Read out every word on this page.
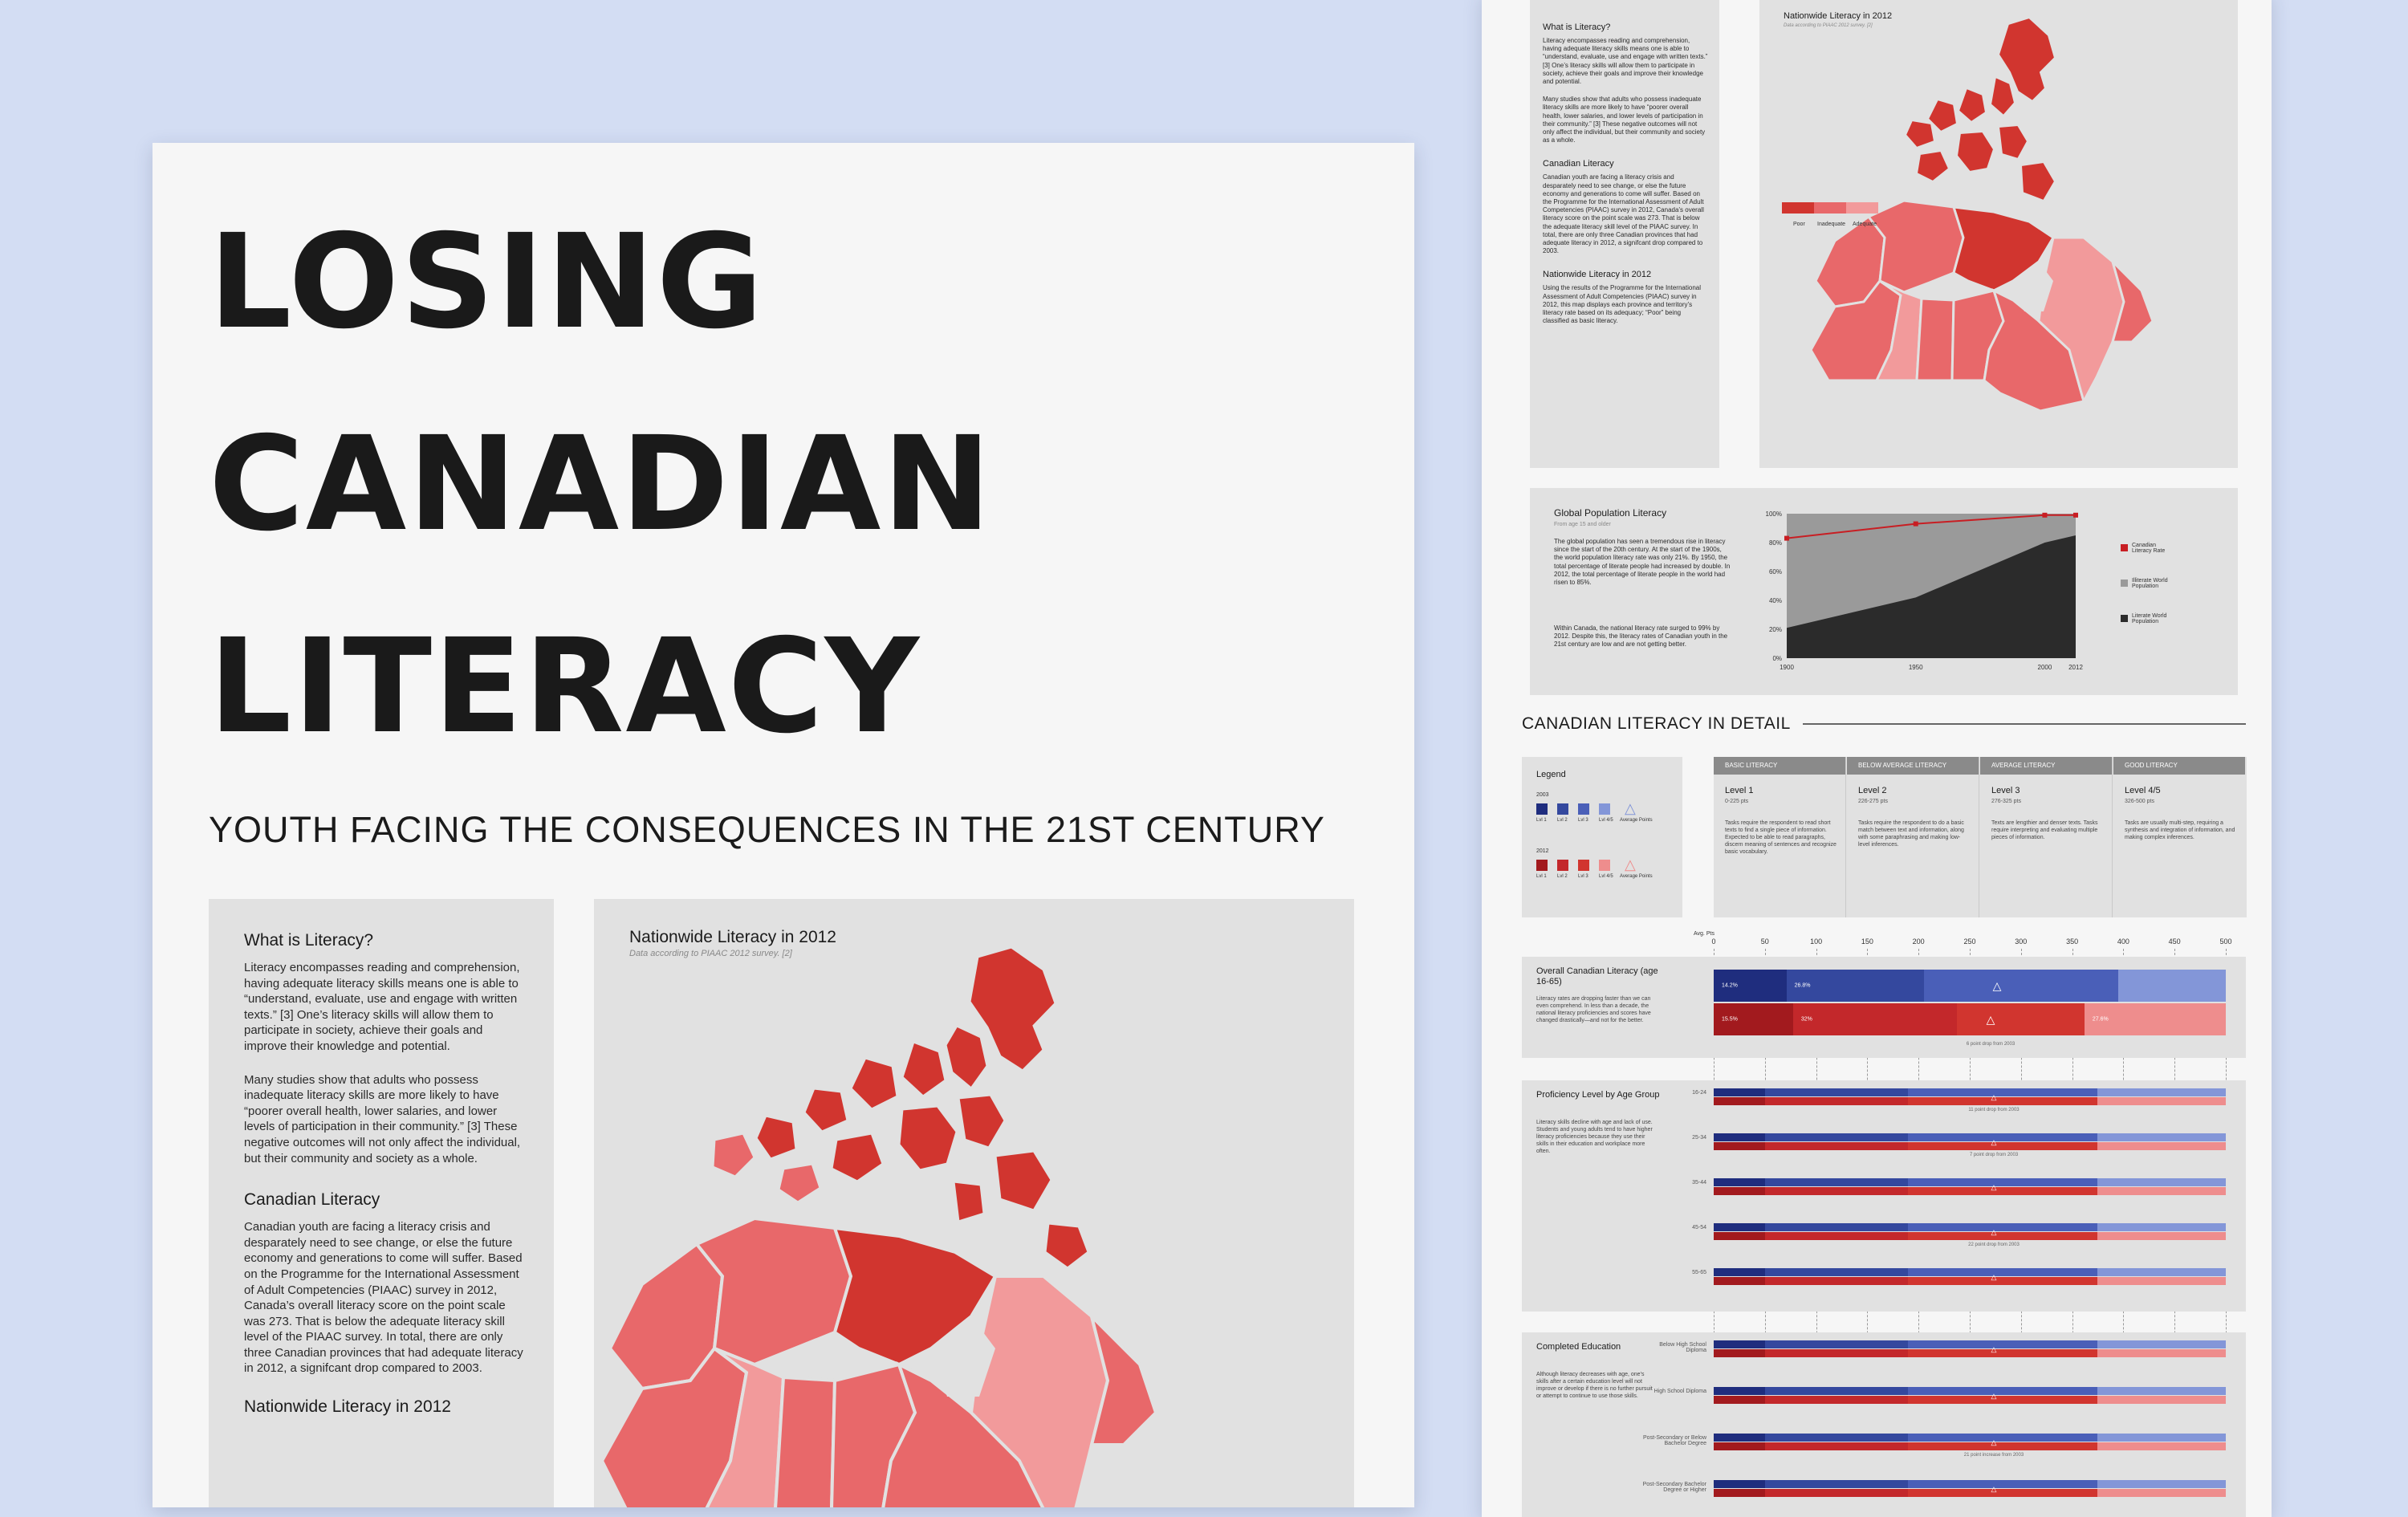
LOSING
CANADIAN
LITERACY
YOUTH FACING THE CONSEQUENCES IN THE 21ST CENTURY
What is Literacy?

Literacy encompasses reading and comprehension, having adequate literacy skills means one is able to “understand, evaluate, use and engage with written texts.” [3] One’s literacy skills will allow them to participate in society, achieve their goals and improve their knowledge and potential.

Many studies show that adults who possess inadequate literacy skills are more likely to have “poorer overall health, lower salaries, and lower levels of participation in their community.” [3] These negative outcomes will not only affect the individual, but their community and society as a whole.

Canadian Literacy

Canadian youth are facing a literacy crisis and desparately need to see change, or else the future economy and generations to come will suffer. Based on the Programme for the International Assessment of Adult Competencies (PIAAC) survey in 2012, Canada’s overall literacy score on the point scale was 273. That is below the adequate literacy skill level of the PIAAC survey. In total, there are only three Canadian provinces that had adequate literacy in 2012, a signifcant drop compared to 2003.

Nationwide Literacy in 2012
Nationwide Literacy in 2012
Data according to PIAAC 2012 survey. [2]
What is Literacy?

Literacy encompasses reading and comprehension, having adequate literacy skills means one is able to “understand, evaluate, use and engage with written texts.” [3] One’s literacy skills will allow them to participate in society, achieve their goals and improve their knowledge and potential.

Many studies show that adults who possess inadequate literacy skills are more likely to have “poorer overall health, lower salaries, and lower levels of participation in their community.” [3] These negative outcomes will not only affect the individual, but their community and society as a whole.

Canadian Literacy

Canadian youth are facing a literacy crisis and desparately need to see change, or else the future economy and generations to come will suffer. Based on the Programme for the International Assessment of Adult Competencies (PIAAC) survey in 2012, Canada’s overall literacy score on the point scale was 273. That is below the adequate literacy skill level of the PIAAC survey. In total, there are only three Canadian provinces that had adequate literacy in 2012, a signifcant drop compared to 2003.

Nationwide Literacy in 2012

Using the results of the Programme for the International Assessment of Adult Competencies (PIAAC) survey in 2012, this map displays each province and territory’s literacy rate based on its adequacy; “Poor” being classified as basic literacy.

Nationwide Literacy in 2012
Data according to PIAAC 2012 survey. [2]
Poor Inadequate Adequate
Global Population Literacy
From age 15 and older

The global population has seen a tremendous rise in literacy since the start of the 20th century. At the start of the 1900s, the world population literacy rate was only 21%. By 1950, the total percentage of literate people had increased by double. In 2012, the total percentage of literate people in the world had risen to 85%.

Within Canada, the national literacy rate surged to 99% by 2012. Despite this, the literacy rates of Canadian youth in the 21st century are low and are not getting better.

0%
20%
40%
60%
80%
100%
1900	1950	2000	2012
Canadian Literacy Rate
Illiterate World Population
Literate World Population
CANADIAN LITERACY IN DETAIL
Legend
2003
△
Lvl 1 Lvl 2 Lvl 3 Lvl 4/5 Average Points
2012
△
Lvl 1 Lvl 2 Lvl 3 Lvl 4/5 Average Points
BASIC LITERACY
Level 1
0-225 pts
Tasks require the respondent to read short texts to find a single piece of information. Expected to be able to read paragraphs, discern meaning of sentences and recognize basic vocabulary.
BELOW AVERAGE LITERACY
Level 2
226-275 pts
Tasks require the respondent to do a basic match between text and information, along with some paraphrasing and making low-level inferences.
AVERAGE LITERACY
Level 3
276-325 pts
Texts are lengthier and denser texts. Tasks require interpreting and evaluating multiple pieces of information.
GOOD LITERACY
Level 4/5
326-500 pts
Tasks are usually multi-step, requiring a synthesis and integration of information, and making complex inferences.
Avg. Pts
0	50	100	150	200	250	300	350	400	450	500
Overall Canadian Literacy (age 16-65)

Literacy rates are dropping faster than we can even comprehend. In less than a decade, the national literacy proficiencies and scores have changed drastically—and not for the better.

14.2%	26.8%
15.5%	32%	27.6%
△
△
6 point drop from 2003
Proficiency Level by Age Group

Literacy skills decline with age and lack of use. Students and young adults tend to have higher literacy proficiencies because they use their skills in their education and workplace more often.

16-24
△
11 point drop from 2003
25-34
△
7 point drop from 2003
35-44
△
45-54
△
22 point drop from 2003
55-65
△
Completed Education

Although literacy decreases with age, one’s skills after a certain education level will not improve or develop if there is no further pursuit or attempt to continue to use those skills.

Below High School Diploma	△
High School Diploma
△
Post-Secondary or Below Bachelor Degree	△
21 point increase from 2003
Post-Secondary Bachelor Degree or Higher	△
